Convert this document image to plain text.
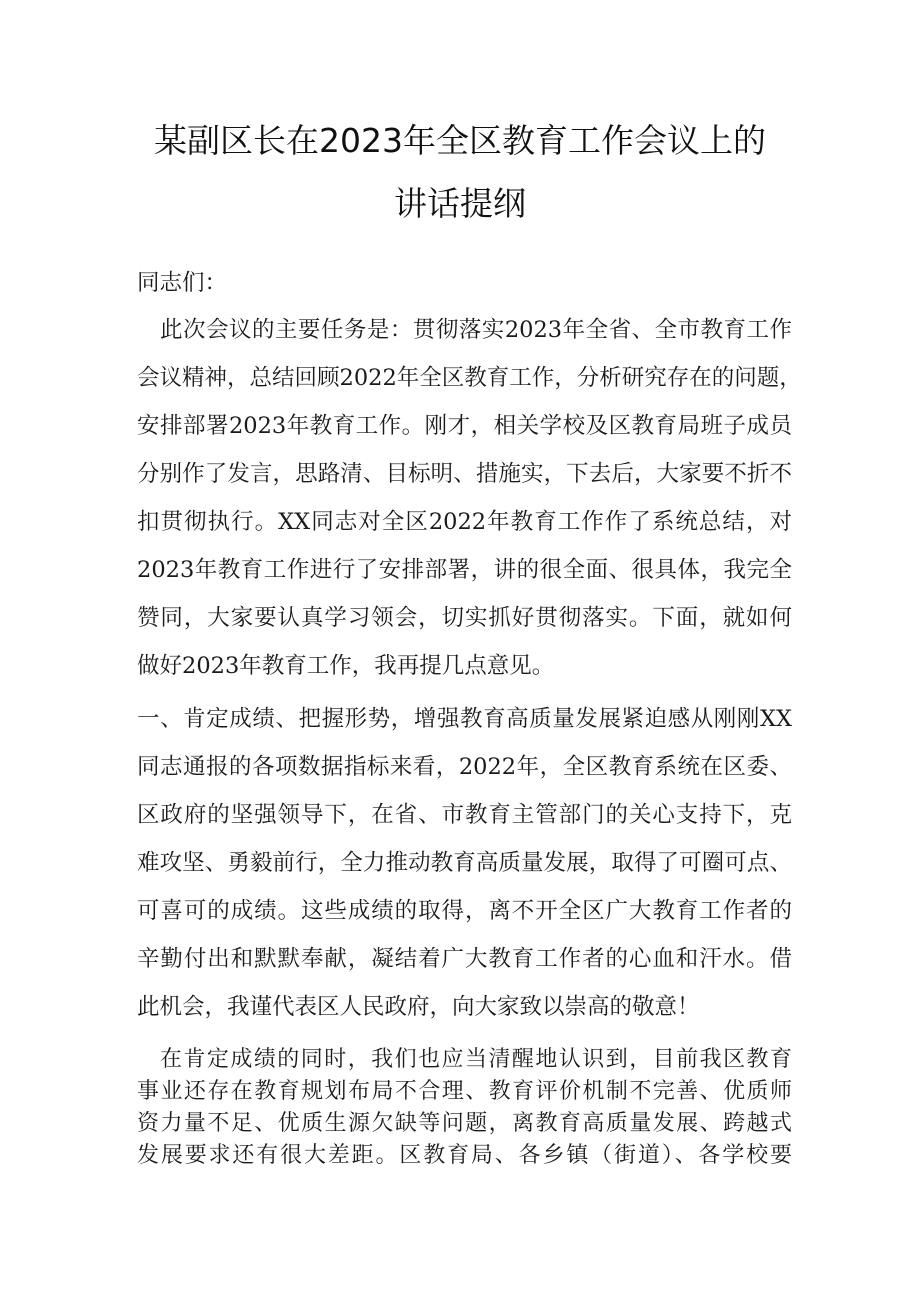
某副区长在2023年全区教育工作会议上的
讲话提纲
同志们：
此次会议的主要任务是：贯彻落实2023年全省、全市教育工作
会议精神，总结回顾2022年全区教育工作，分析研究存在的问题，
安排部署2023年教育工作。刚才，相关学校及区教育局班子成员
分别作了发言，思路清、目标明、措施实，下去后，大家要不折不
扣贯彻执行。XX同志对全区2022年教育工作作了系统总结，对
2023年教育工作进行了安排部署，讲的很全面、很具体，我完全
赞同，大家要认真学习领会，切实抓好贯彻落实。下面，就如何
做好2023年教育工作，我再提几点意见。
一、肯定成绩、把握形势，增强教育高质量发展紧迫感从刚刚XX
同志通报的各项数据指标来看，2022年，全区教育系统在区委、
区政府的坚强领导下，在省、市教育主管部门的关心支持下，克
难攻坚、勇毅前行，全力推动教育高质量发展，取得了可圈可点、
可喜可的成绩。这些成绩的取得，离不开全区广大教育工作者的
辛勤付出和默默奉献，凝结着广大教育工作者的心血和汗水。借
此机会，我谨代表区人民政府，向大家致以崇高的敬意！
在肯定成绩的同时，我们也应当清醒地认识到，目前我区教育
事业还存在教育规划布局不合理、教育评价机制不完善、优质师
资力量不足、优质生源欠缺等问题，离教育高质量发展、跨越式
发展要求还有很大差距。区教育局、各乡镇（街道）、各学校要
